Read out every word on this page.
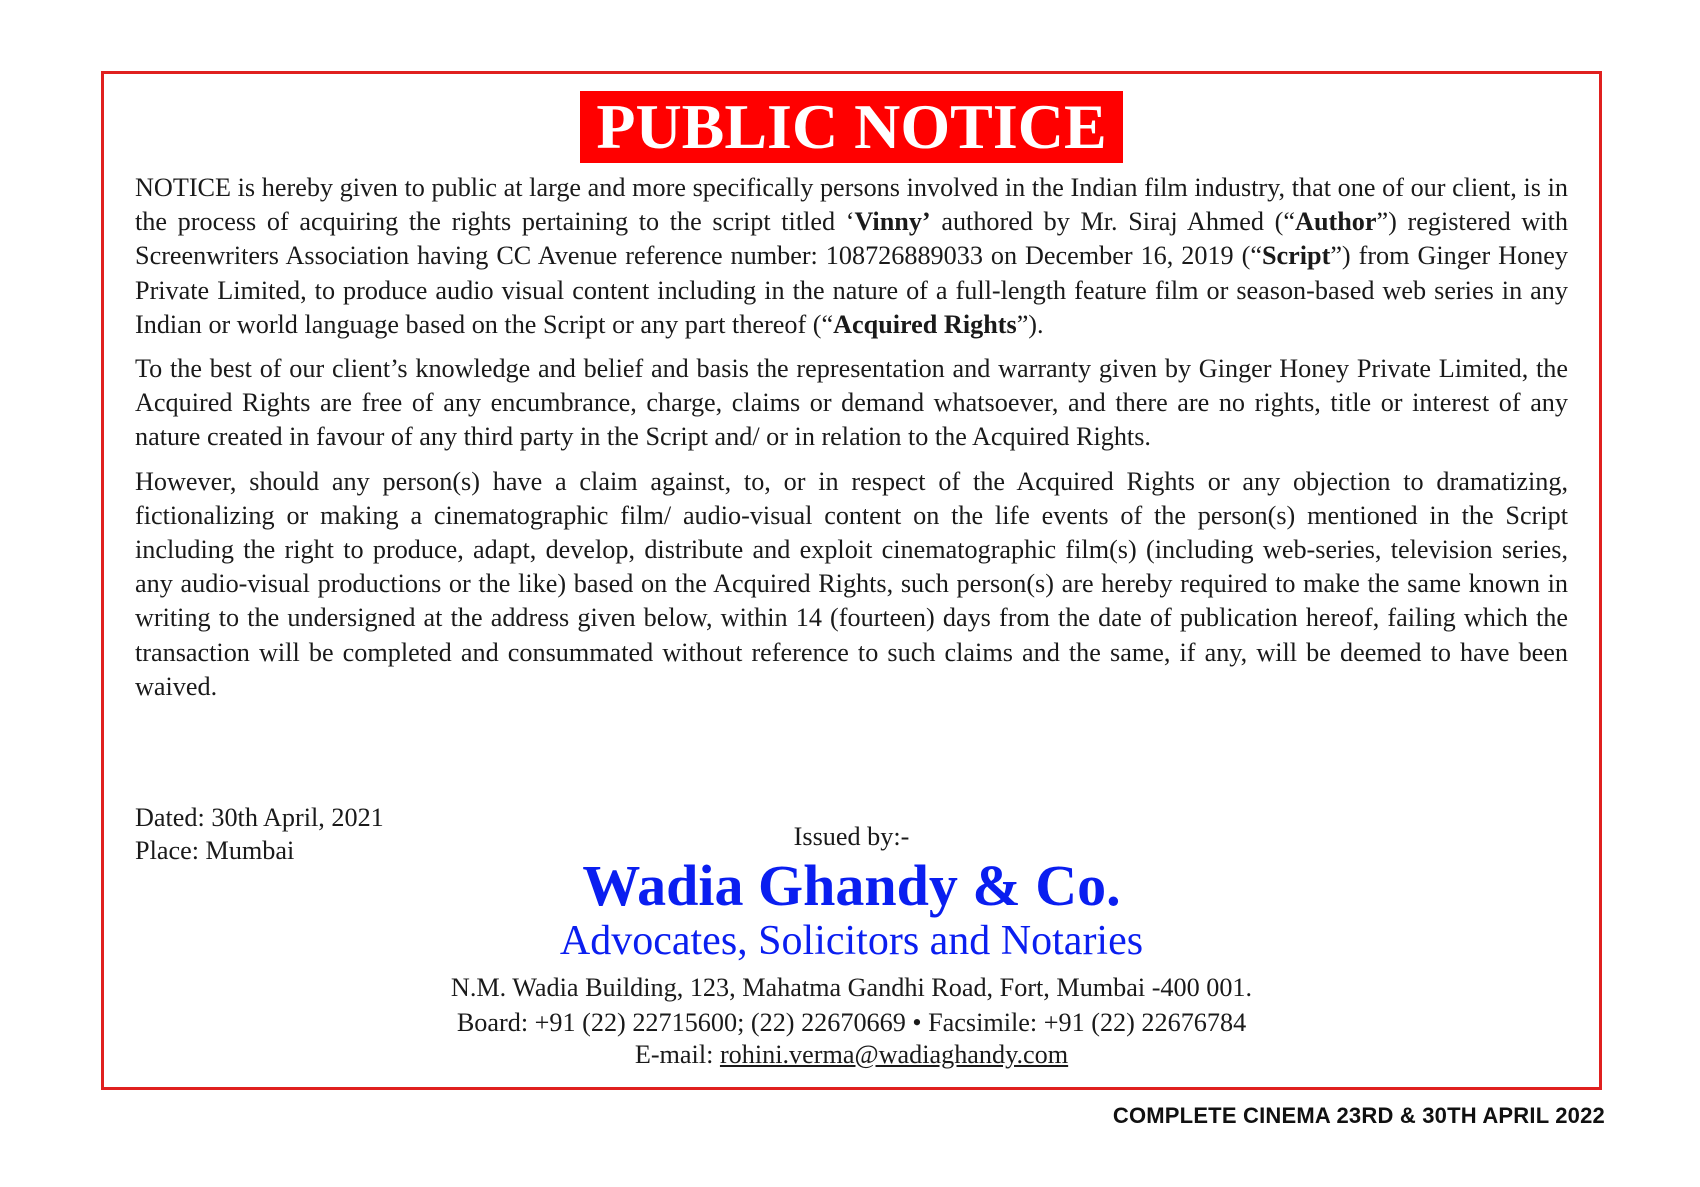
PUBLIC NOTICE

NOTICE is hereby given to public at large and more specifically persons involved in the Indian film industry, that one of our client, is in the process of acquiring the rights pertaining to the script titled ‘Vinny’ authored by Mr. Siraj Ahmed (“Author”) registered with Screenwriters Association having CC Avenue reference number: 108726889033 on December 16, 2019 (“Script”) from Ginger Honey Private Limited, to produce audio visual content including in the nature of a full-length feature film or season-based web series in any Indian or world language based on the Script or any part thereof (“Acquired Rights”).

To the best of our client’s knowledge and belief and basis the representation and warranty given by Ginger Honey Private Limited, the Acquired Rights are free of any encumbrance, charge, claims or demand whatsoever, and there are no rights, title or interest of any nature created in favour of any third party in the Script and/ or in relation to the Acquired Rights.

However, should any person(s) have a claim against, to, or in respect of the Acquired Rights or any objection to dramatizing, fictionalizing or making a cinematographic film/ audio-visual content on the life events of the person(s) mentioned in the Script including the right to produce, adapt, develop, distribute and exploit cinematographic film(s) (including web-series, television series, any audio-visual productions or the like) based on the Acquired Rights, such person(s) are hereby required to make the same known in writing to the undersigned at the address given below, within 14 (fourteen) days from the date of publication hereof, failing which the transaction will be completed and consummated without reference to such claims and the same, if any, will be deemed to have been waived.

Dated: 30th April, 2021
Place: Mumbai	Issued by:-
Wadia Ghandy & Co.
Advocates, Solicitors and Notaries
N.M. Wadia Building, 123, Mahatma Gandhi Road, Fort, Mumbai -400 001.
Board: +91 (22) 22715600; (22) 22670669 • Facsimile: +91 (22) 22676784
E-mail: rohini.verma@wadiaghandy.com
COMPLETE CINEMA 23RD & 30TH APRIL 2022
